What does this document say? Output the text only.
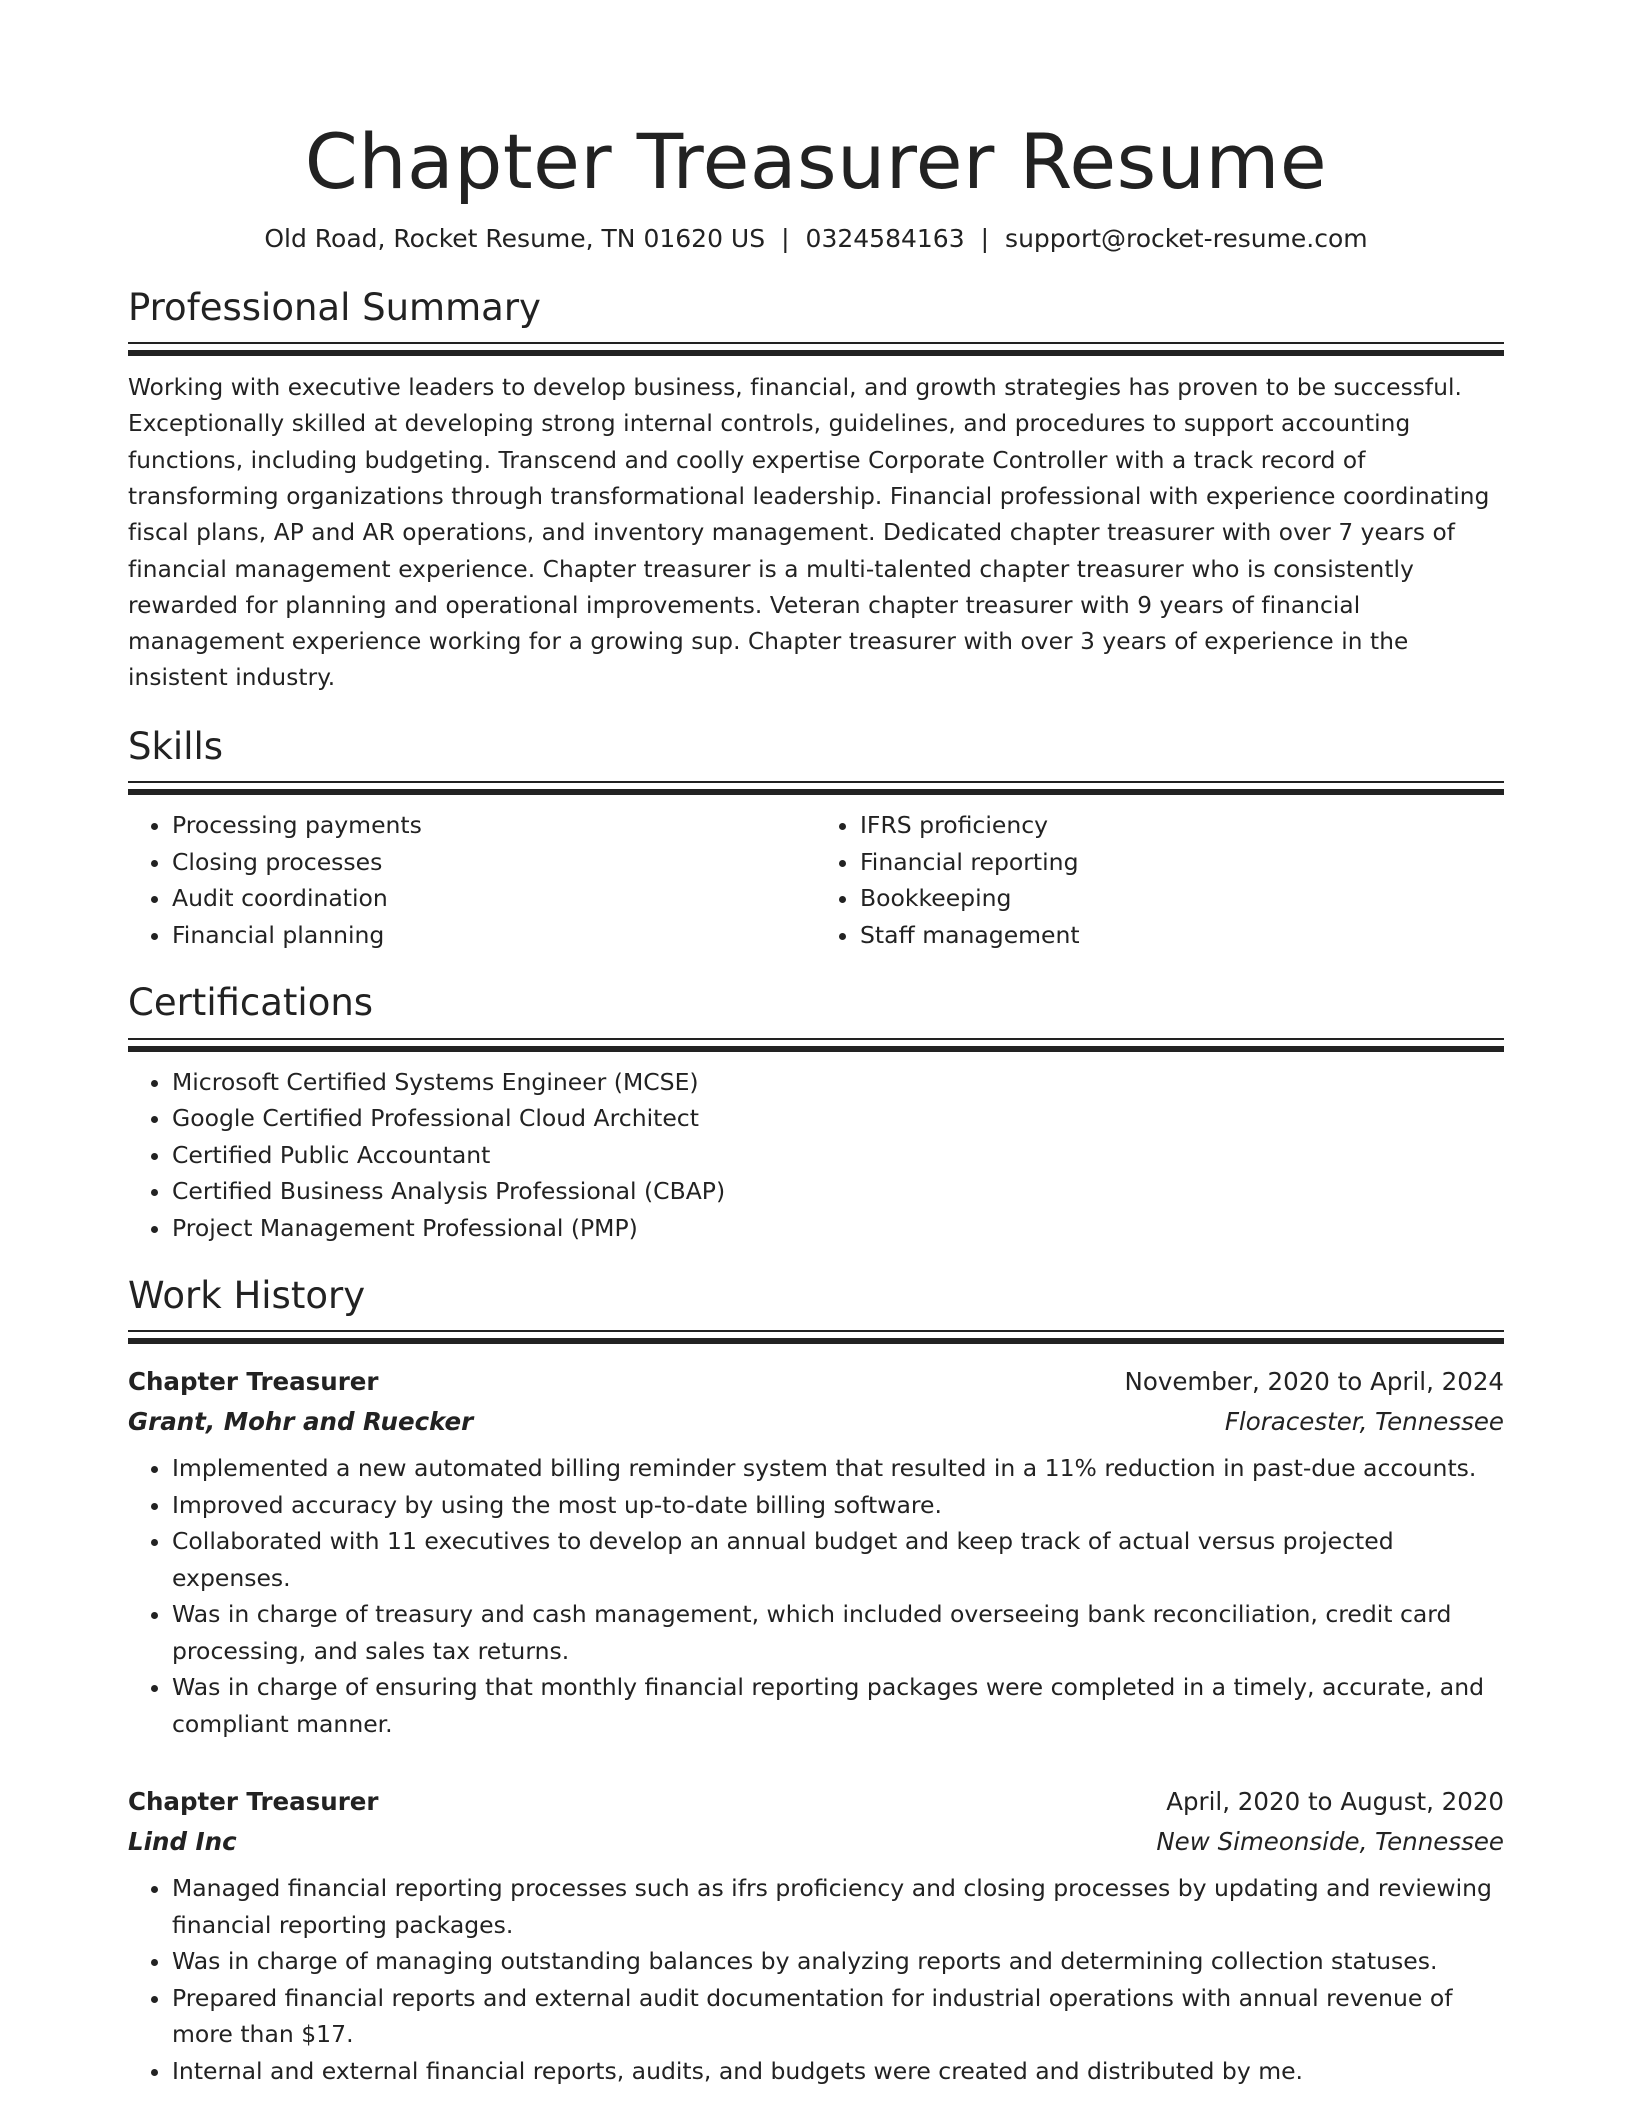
Chapter Treasurer Resume
Old Road, Rocket Resume, TN 01620 US | 0324584163 | support@rocket-resume.com
Professional Summary
Working with executive leaders to develop business, financial, and growth strategies has proven to be successful. Exceptionally skilled at developing strong internal controls, guidelines, and procedures to support accounting functions, including budgeting. Transcend and coolly expertise Corporate Controller with a track record of transforming organizations through transformational leadership. Financial professional with experience coordinating fiscal plans, AP and AR operations, and inventory management. Dedicated chapter treasurer with over 7 years of financial management experience. Chapter treasurer is a multi-talented chapter treasurer who is consistently rewarded for planning and operational improvements. Veteran chapter treasurer with 9 years of financial management experience working for a growing sup. Chapter treasurer with over 3 years of experience in the insistent industry.
Skills
• Processing payments
• Closing processes
• Audit coordination
• Financial planning
• IFRS proficiency
• Financial reporting
• Bookkeeping
• Staff management
Certifications
• Microsoft Certified Systems Engineer (MCSE)
• Google Certified Professional Cloud Architect
• Certified Public Accountant
• Certified Business Analysis Professional (CBAP)
• Project Management Professional (PMP)
Work History
Chapter Treasurer	November, 2020 to April, 2024
Grant, Mohr and Ruecker	Floracester, Tennessee
• Implemented a new automated billing reminder system that resulted in a 11% reduction in past-due accounts.
• Improved accuracy by using the most up-to-date billing software.
• Collaborated with 11 executives to develop an annual budget and keep track of actual versus projected expenses.
• Was in charge of treasury and cash management, which included overseeing bank reconciliation, credit card processing, and sales tax returns.
• Was in charge of ensuring that monthly financial reporting packages were completed in a timely, accurate, and compliant manner.
Chapter Treasurer	April, 2020 to August, 2020
Lind Inc	New Simeonside, Tennessee
• Managed financial reporting processes such as ifrs proficiency and closing processes by updating and reviewing financial reporting packages.
• Was in charge of managing outstanding balances by analyzing reports and determining collection statuses.
• Prepared financial reports and external audit documentation for industrial operations with annual revenue of more than $17.
• Internal and external financial reports, audits, and budgets were created and distributed by me.
